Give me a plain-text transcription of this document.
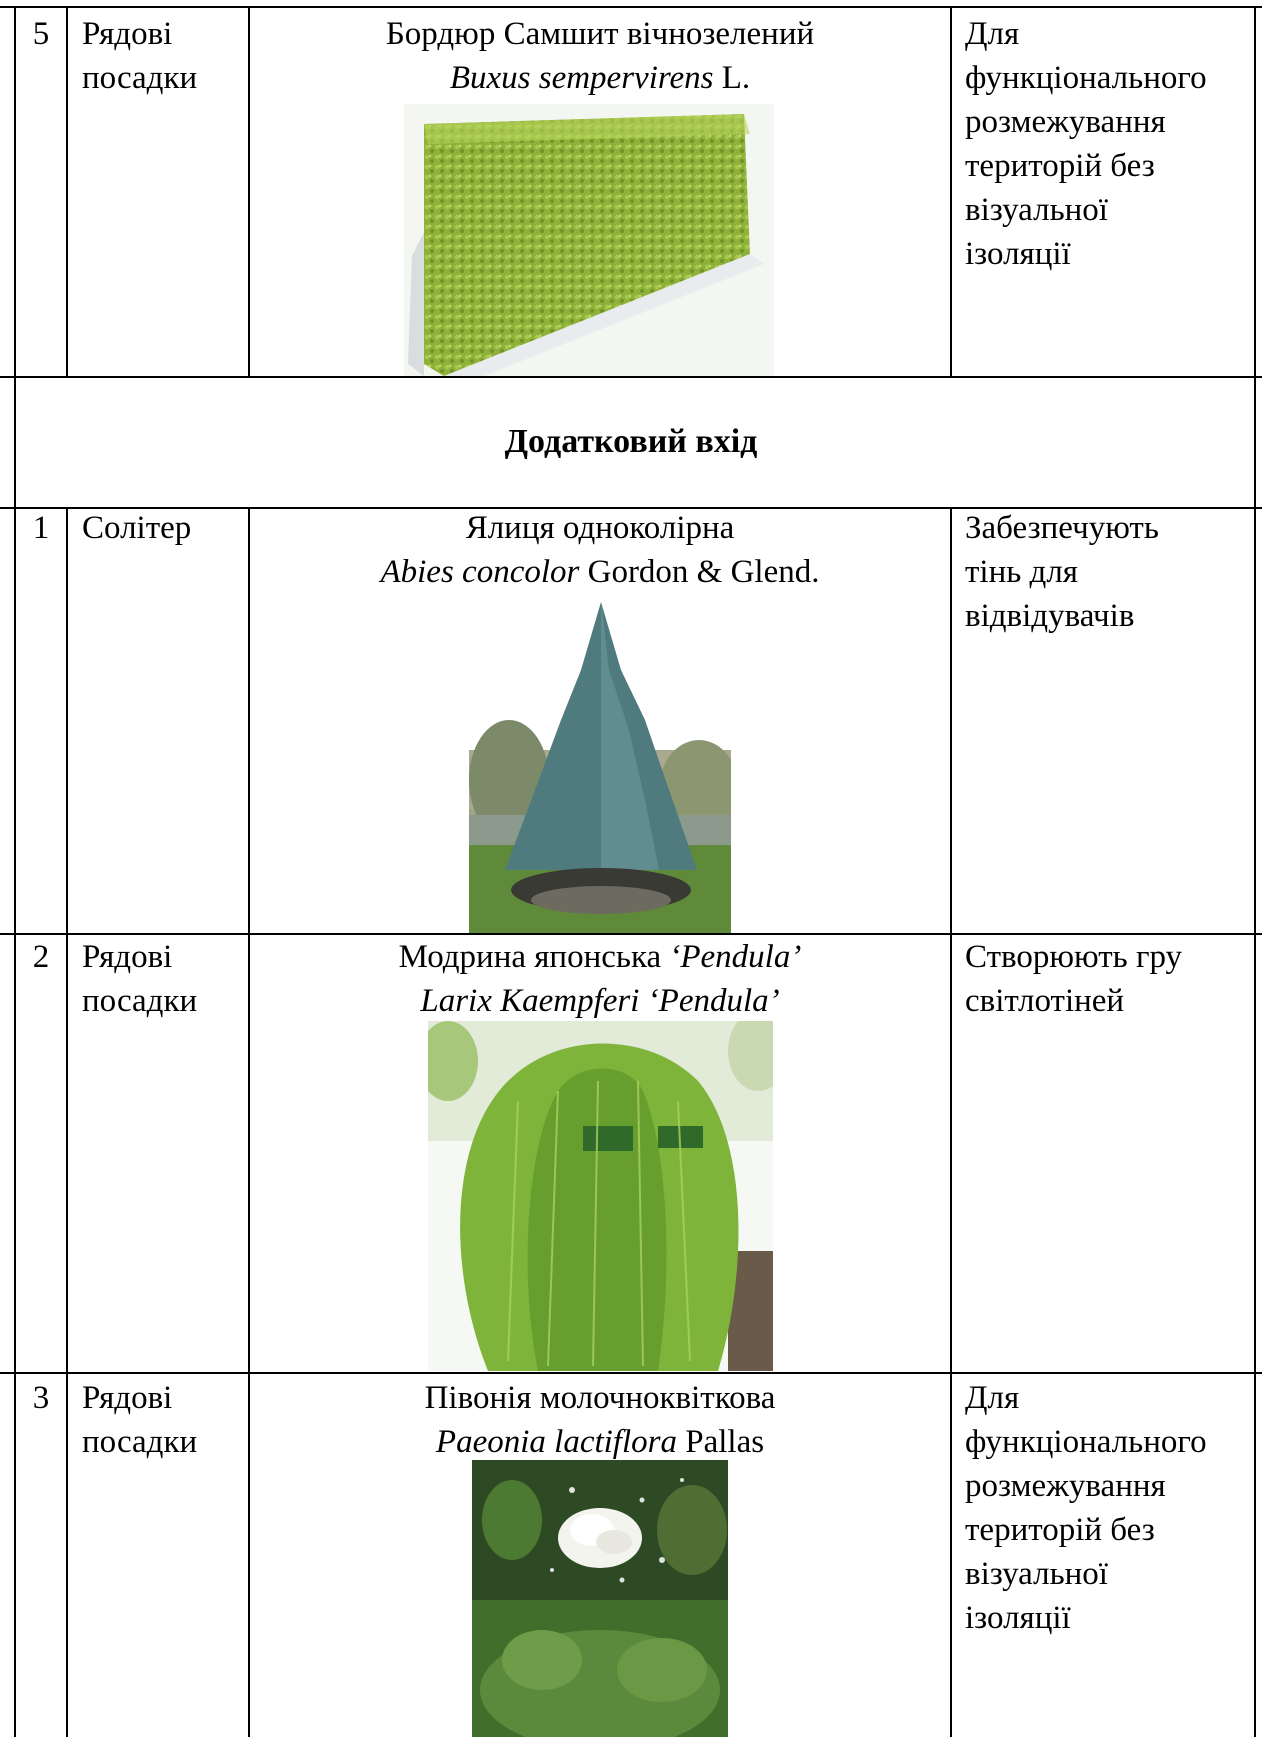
5 Рядові
посадки
Бордюр Самшит вічнозелений
Buxus sempervirens L.
Для
функціонального
розмежування
територій без
візуальної
ізоляції
Додатковий вхід
1 Солітер	Ялиця одноколірна
Abies concolor Gordon & Glend.
Забезпечують
тінь для
відвідувачів
2 Рядові
посадки
Модрина японська ‘Pendula’
Larix Kaempferi ‘Pendula’
Створюють гру
світлотіней
3 Рядові
посадки
Півонія молочноквіткова
Paeonia lactiflora Pallas
Для
функціонального
розмежування
територій без
візуальної
ізоляції
